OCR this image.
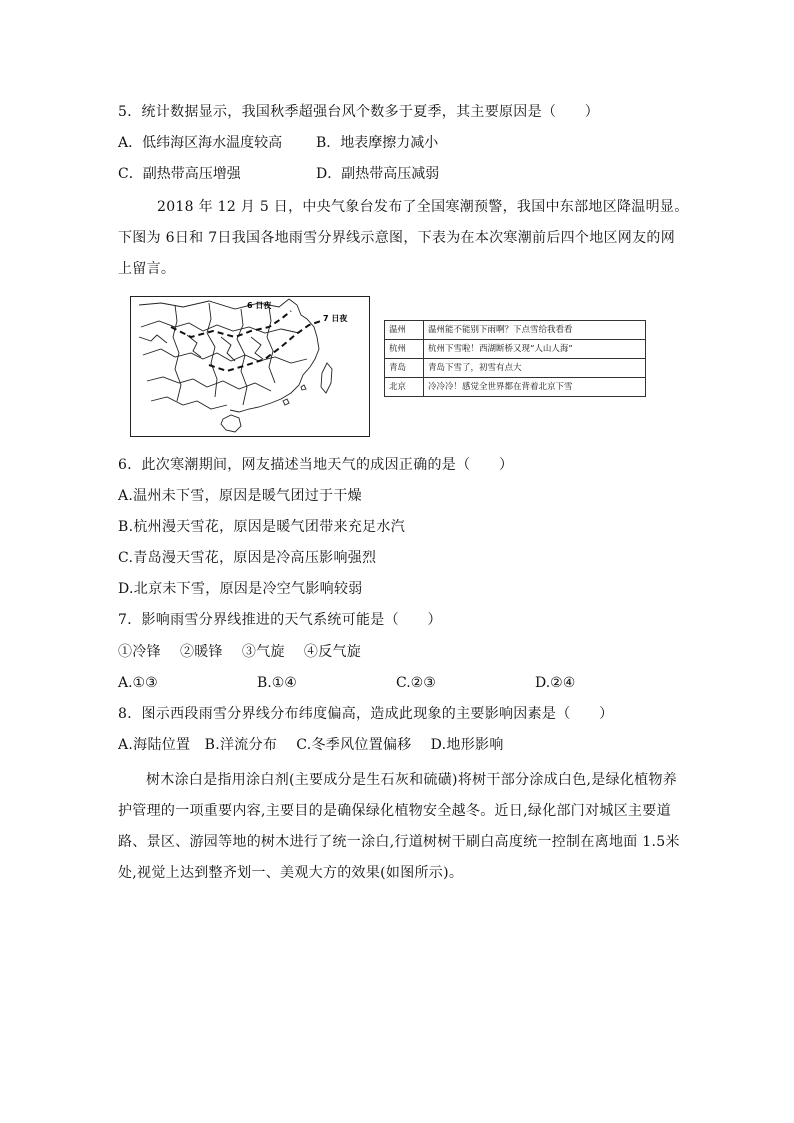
5．统计数据显示，我国秋季超强台风个数多于夏季，其主要原因是（　　）
A．低纬海区海水温度较高 B．地表摩擦力减小
C．副热带高压增强	D．副热带高压减弱
2018 年 12 月 5 日，中央气象台发布了全国寒潮预警，我国中东部地区降温明显。
下图为 6日和 7日我国各地雨雪分界线示意图，下表为在本次寒潮前后四个地区网友的网
上留言。
6 日夜
7 日夜
温州	温州能不能别下雨啊？下点雪给我看看
杭州	杭州下雪啦！西湖断桥又现“人山人海”
青岛	青岛下雪了，初雪有点大
北京	冷冷冷！感觉全世界都在背着北京下雪
6．此次寒潮期间，网友描述当地天气的成因正确的是（　　）
A.温州未下雪，原因是暖气团过于干燥
B.杭州漫天雪花，原因是暖气团带来充足水汽
C.青岛漫天雪花，原因是冷高压影响强烈
D.北京未下雪，原因是冷空气影响较弱
7．影响雨雪分界线推进的天气系统可能是（　　）
①冷锋　 ②暖锋　 ③气旋　 ④反气旋
A.①③	B.①④	C.②③	D.②④
8．图示西段雨雪分界线分布纬度偏高，造成此现象的主要影响因素是（　　）
A.海陆位置　B.洋流分布　 C.冬季风位置偏移　 D.地形影响
树木涂白是指用涂白剂(主要成分是生石灰和硫磺)将树干部分涂成白色,是绿化植物养
护管理的一项重要内容,主要目的是确保绿化植物安全越冬。近日,绿化部门对城区主要道
路、景区、游园等地的树木进行了统一涂白,行道树树干刷白高度统一控制在离地面 1.5米
处,视觉上达到整齐划一、美观大方的效果(如图所示)。
